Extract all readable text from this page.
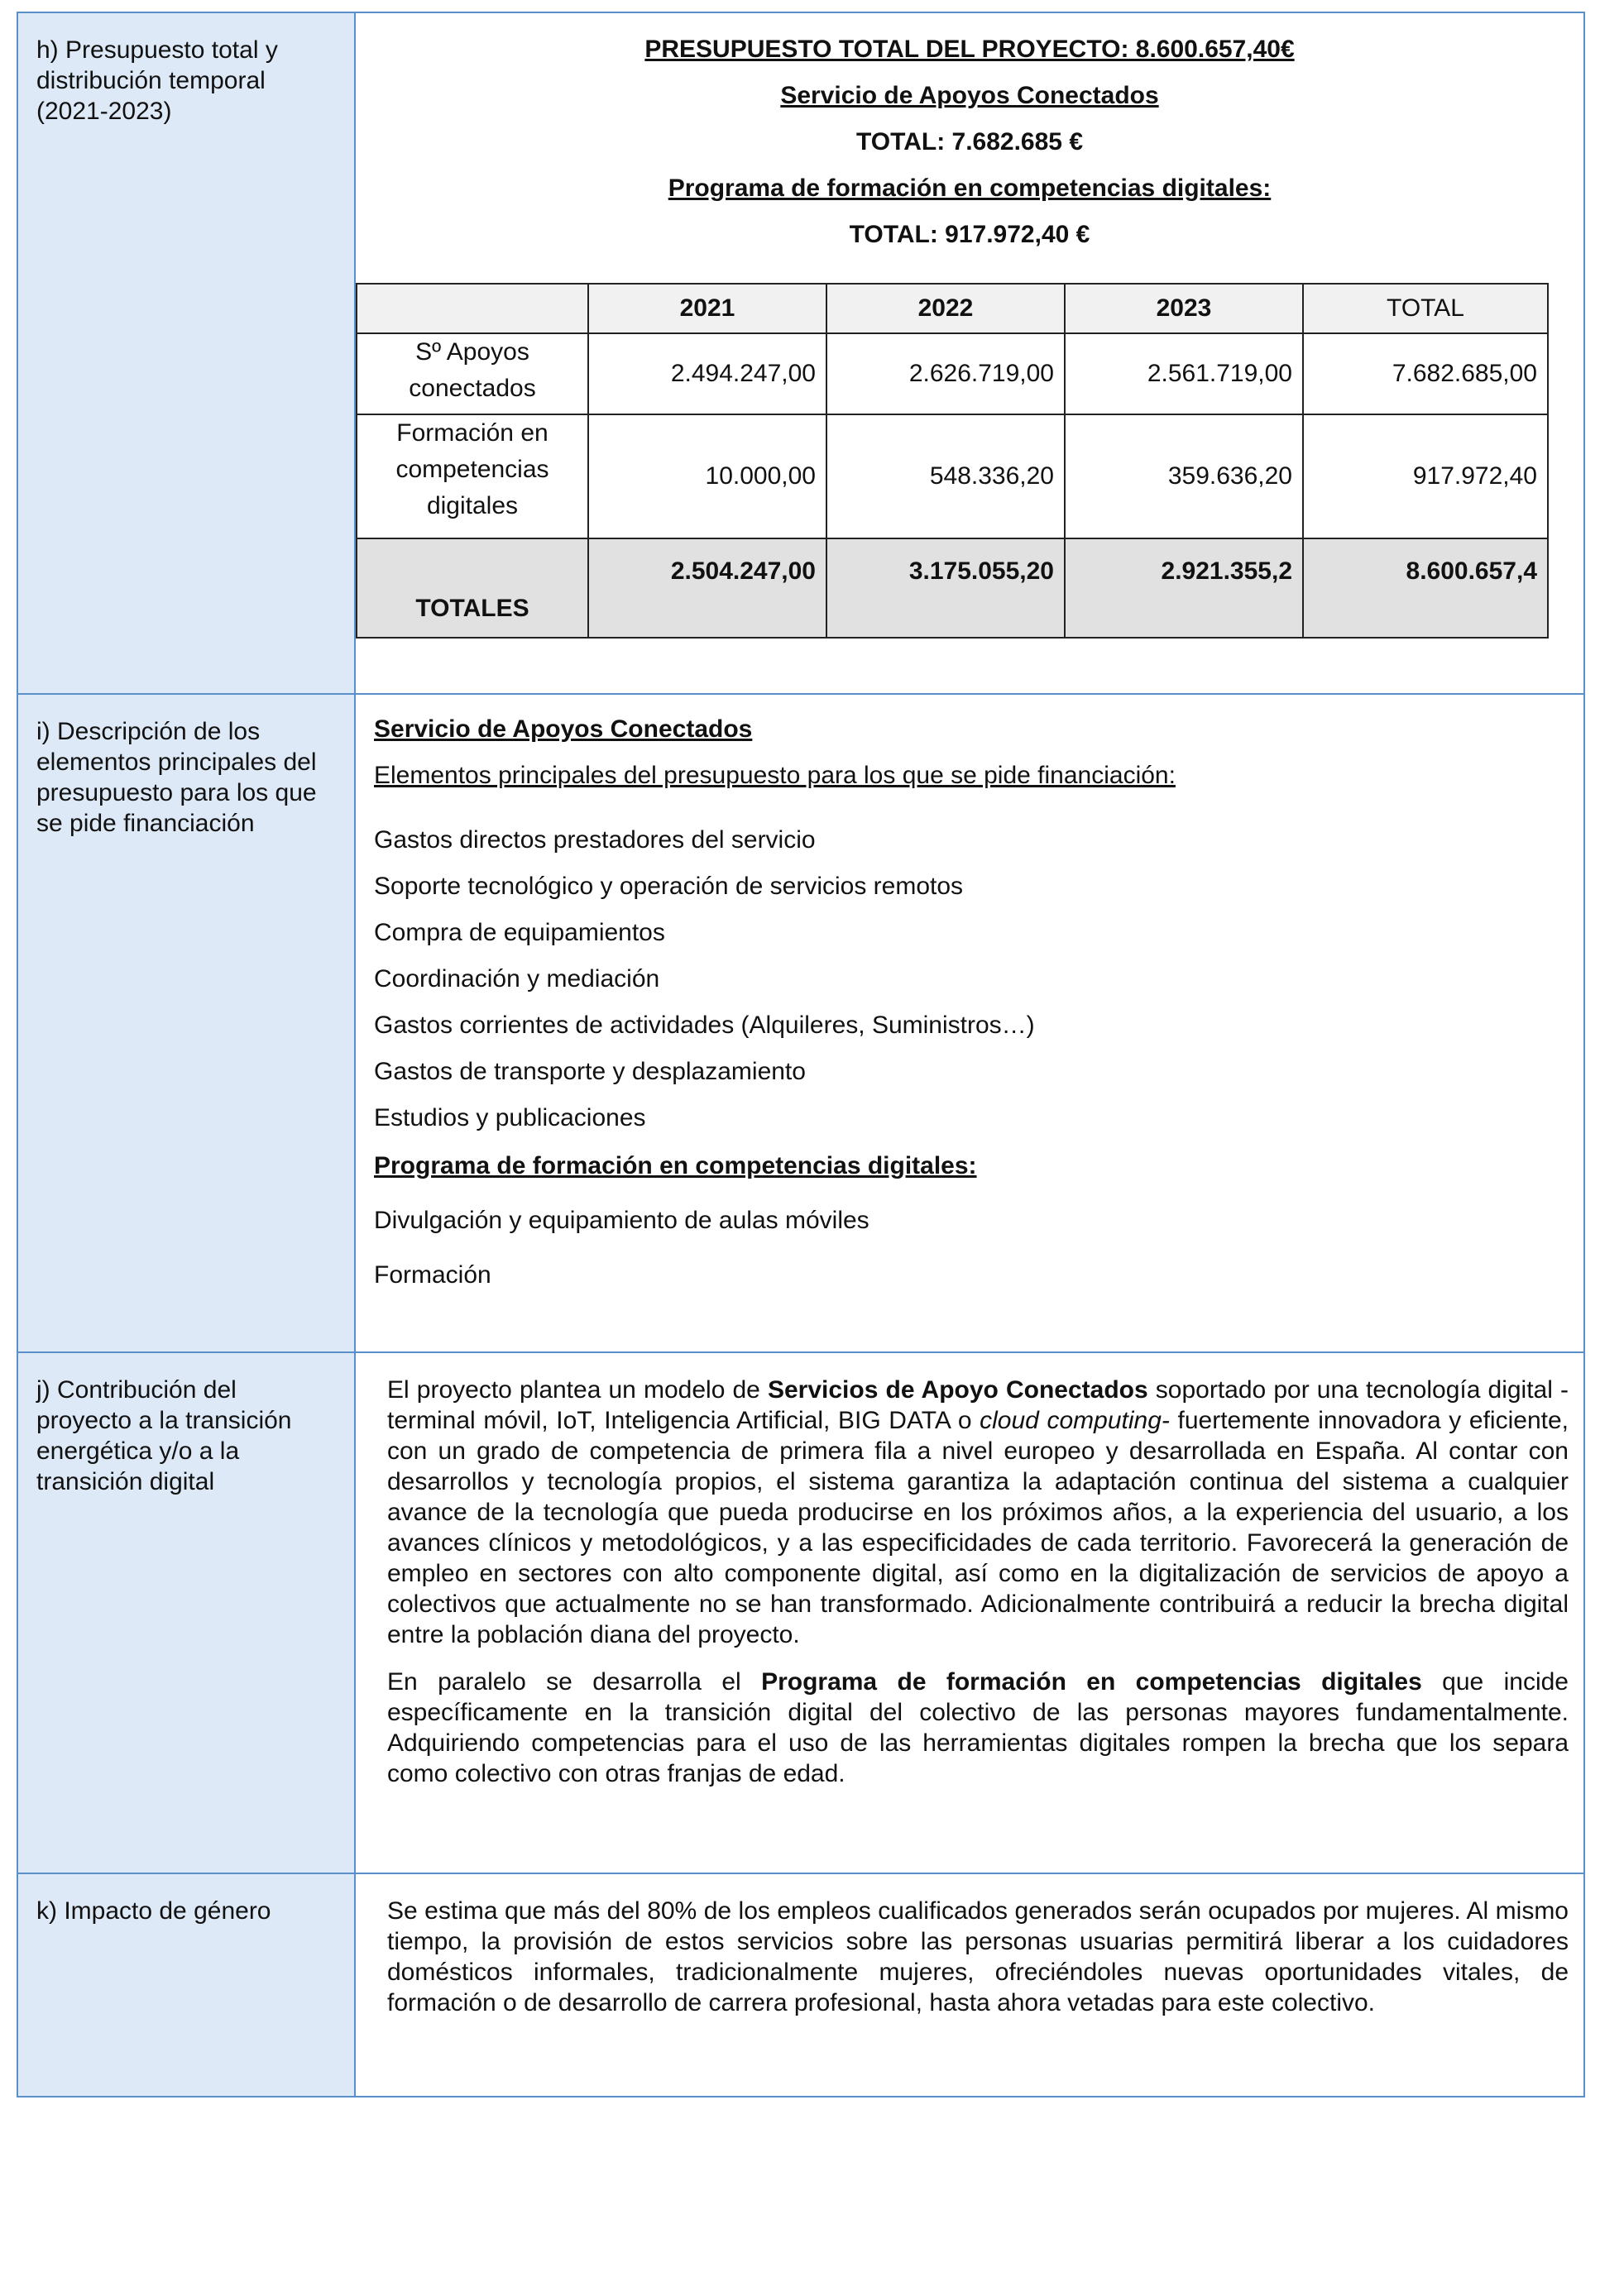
h) Presupuesto total y distribución temporal (2021-2023)	

PRESUPUESTO TOTAL DEL PROYECTO: 8.600.657,40€

Servicio de Apoyos Conectados

TOTAL: 7.682.685 €

Programa de formación en competencias digitales:

TOTAL: 917.972,40 €

	2021	2022	2023	TOTAL
Sº Apoyos conectados	2.494.247,00	2.626.719,00	2.561.719,00	7.682.685,00
Formación en competencias digitales	10.000,00	548.336,20	359.636,20	917.972,40
TOTALES	2.504.247,00	3.175.055,20	2.921.355,2	8.600.657,4

i) Descripción de los elementos principales del presupuesto para los que se pide financiación	

Servicio de Apoyos Conectados

Elementos principales del presupuesto para los que se pide financiación:

Gastos directos prestadores del servicio

Soporte tecnológico y operación de servicios remotos

Compra de equipamientos

Coordinación y mediación

Gastos corrientes de actividades (Alquileres, Suministros…)

Gastos de transporte y desplazamiento

Estudios y publicaciones

Programa de formación en competencias digitales:

Divulgación y equipamiento de aulas móviles

Formación

j) Contribución del proyecto a la transición energética y/o a la transición digital	

El proyecto plantea un modelo de Servicios de Apoyo Conectados soportado por una tecnología digital -terminal móvil, IoT, Inteligencia Artificial, BIG DATA o cloud computing- fuertemente innovadora y eficiente, con un grado de competencia de primera fila a nivel europeo y desarrollada en España. Al contar con desarrollos y tecnología propios, el sistema garantiza la adaptación continua del sistema a cualquier avance de la tecnología que pueda producirse en los próximos años, a la experiencia del usuario, a los avances clínicos y metodológicos, y a las especificidades de cada territorio. Favorecerá la generación de empleo en sectores con alto componente digital, así como en la digitalización de servicios de apoyo a colectivos que actualmente no se han transformado. Adicionalmente contribuirá a reducir la brecha digital entre la población diana del proyecto.

En paralelo se desarrolla el Programa de formación en competencias digitales que incide específicamente en la transición digital del colectivo de las personas mayores fundamentalmente. Adquiriendo competencias para el uso de las herramientas digitales rompen la brecha que los separa como colectivo con otras franjas de edad.

k) Impacto de género	Se estima que más del 80% de los empleos cualificados generados serán ocupados por mujeres. Al mismo tiempo, la provisión de estos servicios sobre las personas usuarias permitirá liberar a los cuidadores domésticos informales, tradicionalmente mujeres, ofreciéndoles nuevas oportunidades vitales, de formación o de desarrollo de carrera profesional, hasta ahora vetadas para este colectivo.
